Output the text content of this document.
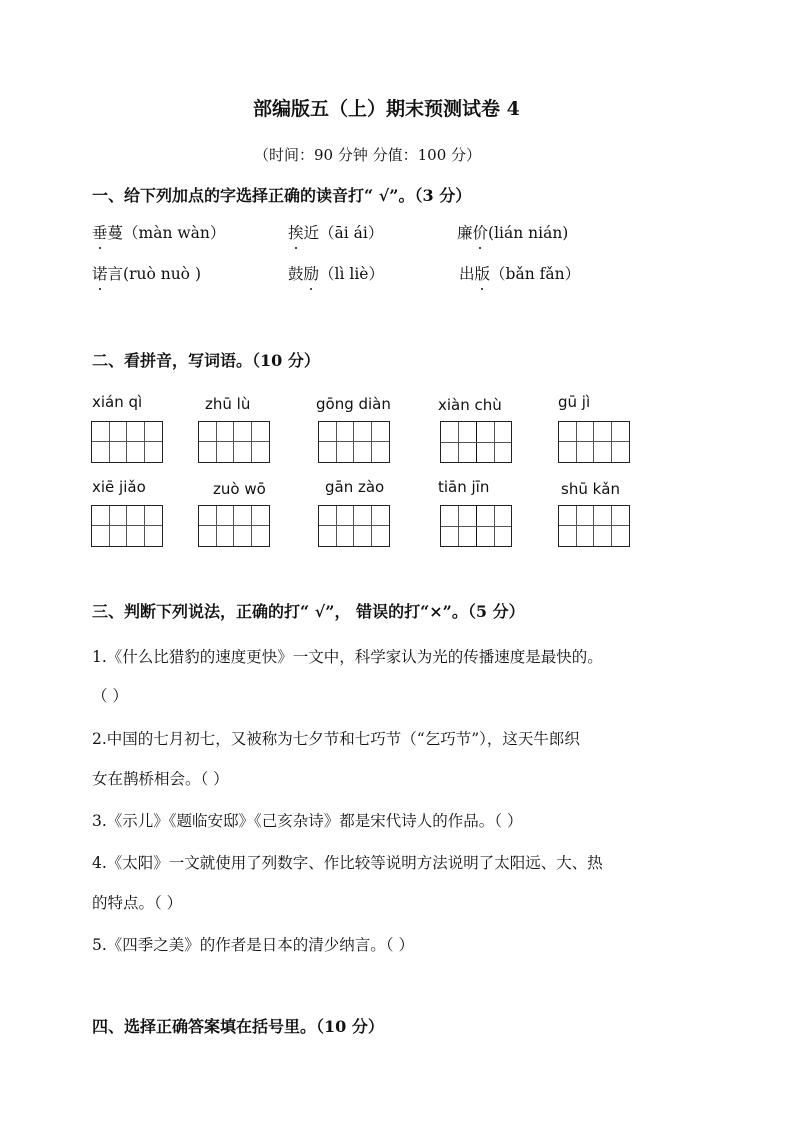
部编版五（上）期末预测试卷 4
（时间：90 分钟 分值：100 分）
一、给下列加点的字选择正确的读音打“ √”。（3 分）
垂蔓（màn wàn）	挨近（āi ái）	廉价(lián nián)
诺言(ruò nuò )	鼓励（lì liè）	出版（bǎn fǎn）
二、看拼音，写词语。（10 分）
xián qì	zhū lù	gōng diàn	xiàn chù	gū jì
xiē jiǎo	zuò wō	gān zào	tiān jīn	shū kǎn
三、判断下列说法，正确的打“ √”， 错误的打“×”。（5 分）
1.《什么比猎豹的速度更快》一文中，科学家认为光的传播速度是最快的。
（ ）
2.中国的七月初七，又被称为七夕节和七巧节（“乞巧节”），这天牛郎织
女在鹊桥相会。（ ）
3.《示儿》《题临安邸》《己亥杂诗》都是宋代诗人的作品。（ ）
4.《太阳》一文就使用了列数字、作比较等说明方法说明了太阳远、大、热
的特点。（ ）
5.《四季之美》的作者是日本的清少纳言。（ ）
四、选择正确答案填在括号里。（10 分）
